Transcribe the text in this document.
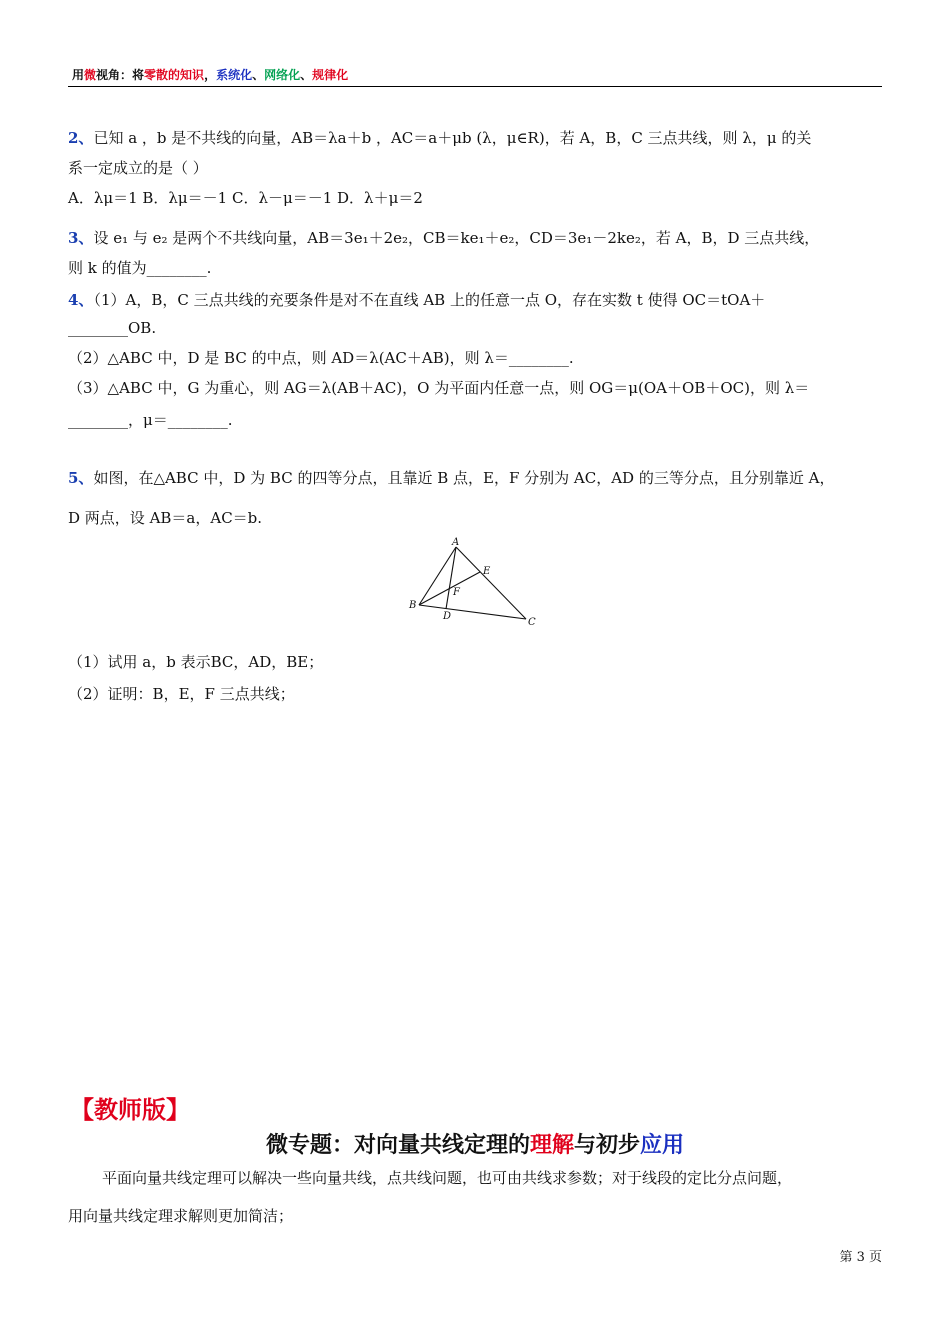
用微视角：将零散的知识，系统化、网络化、规律化
2、已知 a ，b 是不共线的向量，AB＝λa＋b ，AC＝a＋μb (λ，μ∈R)，若 A，B，C 三点共线，则 λ，μ 的关
系一定成立的是（ ）
A．λμ＝1 B．λμ＝－1 C．λ－μ＝－1 D．λ＋μ＝2
3、设 e₁ 与 e₂ 是两个不共线向量，AB＝3e₁＋2e₂，CB＝ke₁＋e₂，CD＝3e₁－2ke₂，若 A，B，D 三点共线，
则 k 的值为________.
4、（1）A，B，C 三点共线的充要条件是对不在直线 AB 上的任意一点 O，存在实数 t 使得 OC＝tOA＋
________OB.
（2）△ABC 中，D 是 BC 的中点，则 AD＝λ(AC＋AB)，则 λ＝________.
（3）△ABC 中，G 为重心，则 AG＝λ(AB＋AC)，O 为平面内任意一点，则 OG＝μ(OA＋OB＋OC)，则 λ＝
________，μ＝________.
5、如图，在△ABC 中，D 为 BC 的四等分点，且靠近 B 点，E，F 分别为 AC，AD 的三等分点，且分别靠近 A，
D 两点，设 AB＝a，AC＝b.
A
B
C
D
E
F
（1）试用 a，b 表示BC，AD，BE；
（2）证明：B，E，F 三点共线；
【教师版】
微专题：对向量共线定理的理解与初步应用
平面向量共线定理可以解决一些向量共线，点共线问题，也可由共线求参数；对于线段的定比分点问题，
用向量共线定理求解则更加简洁；
第 3 页
